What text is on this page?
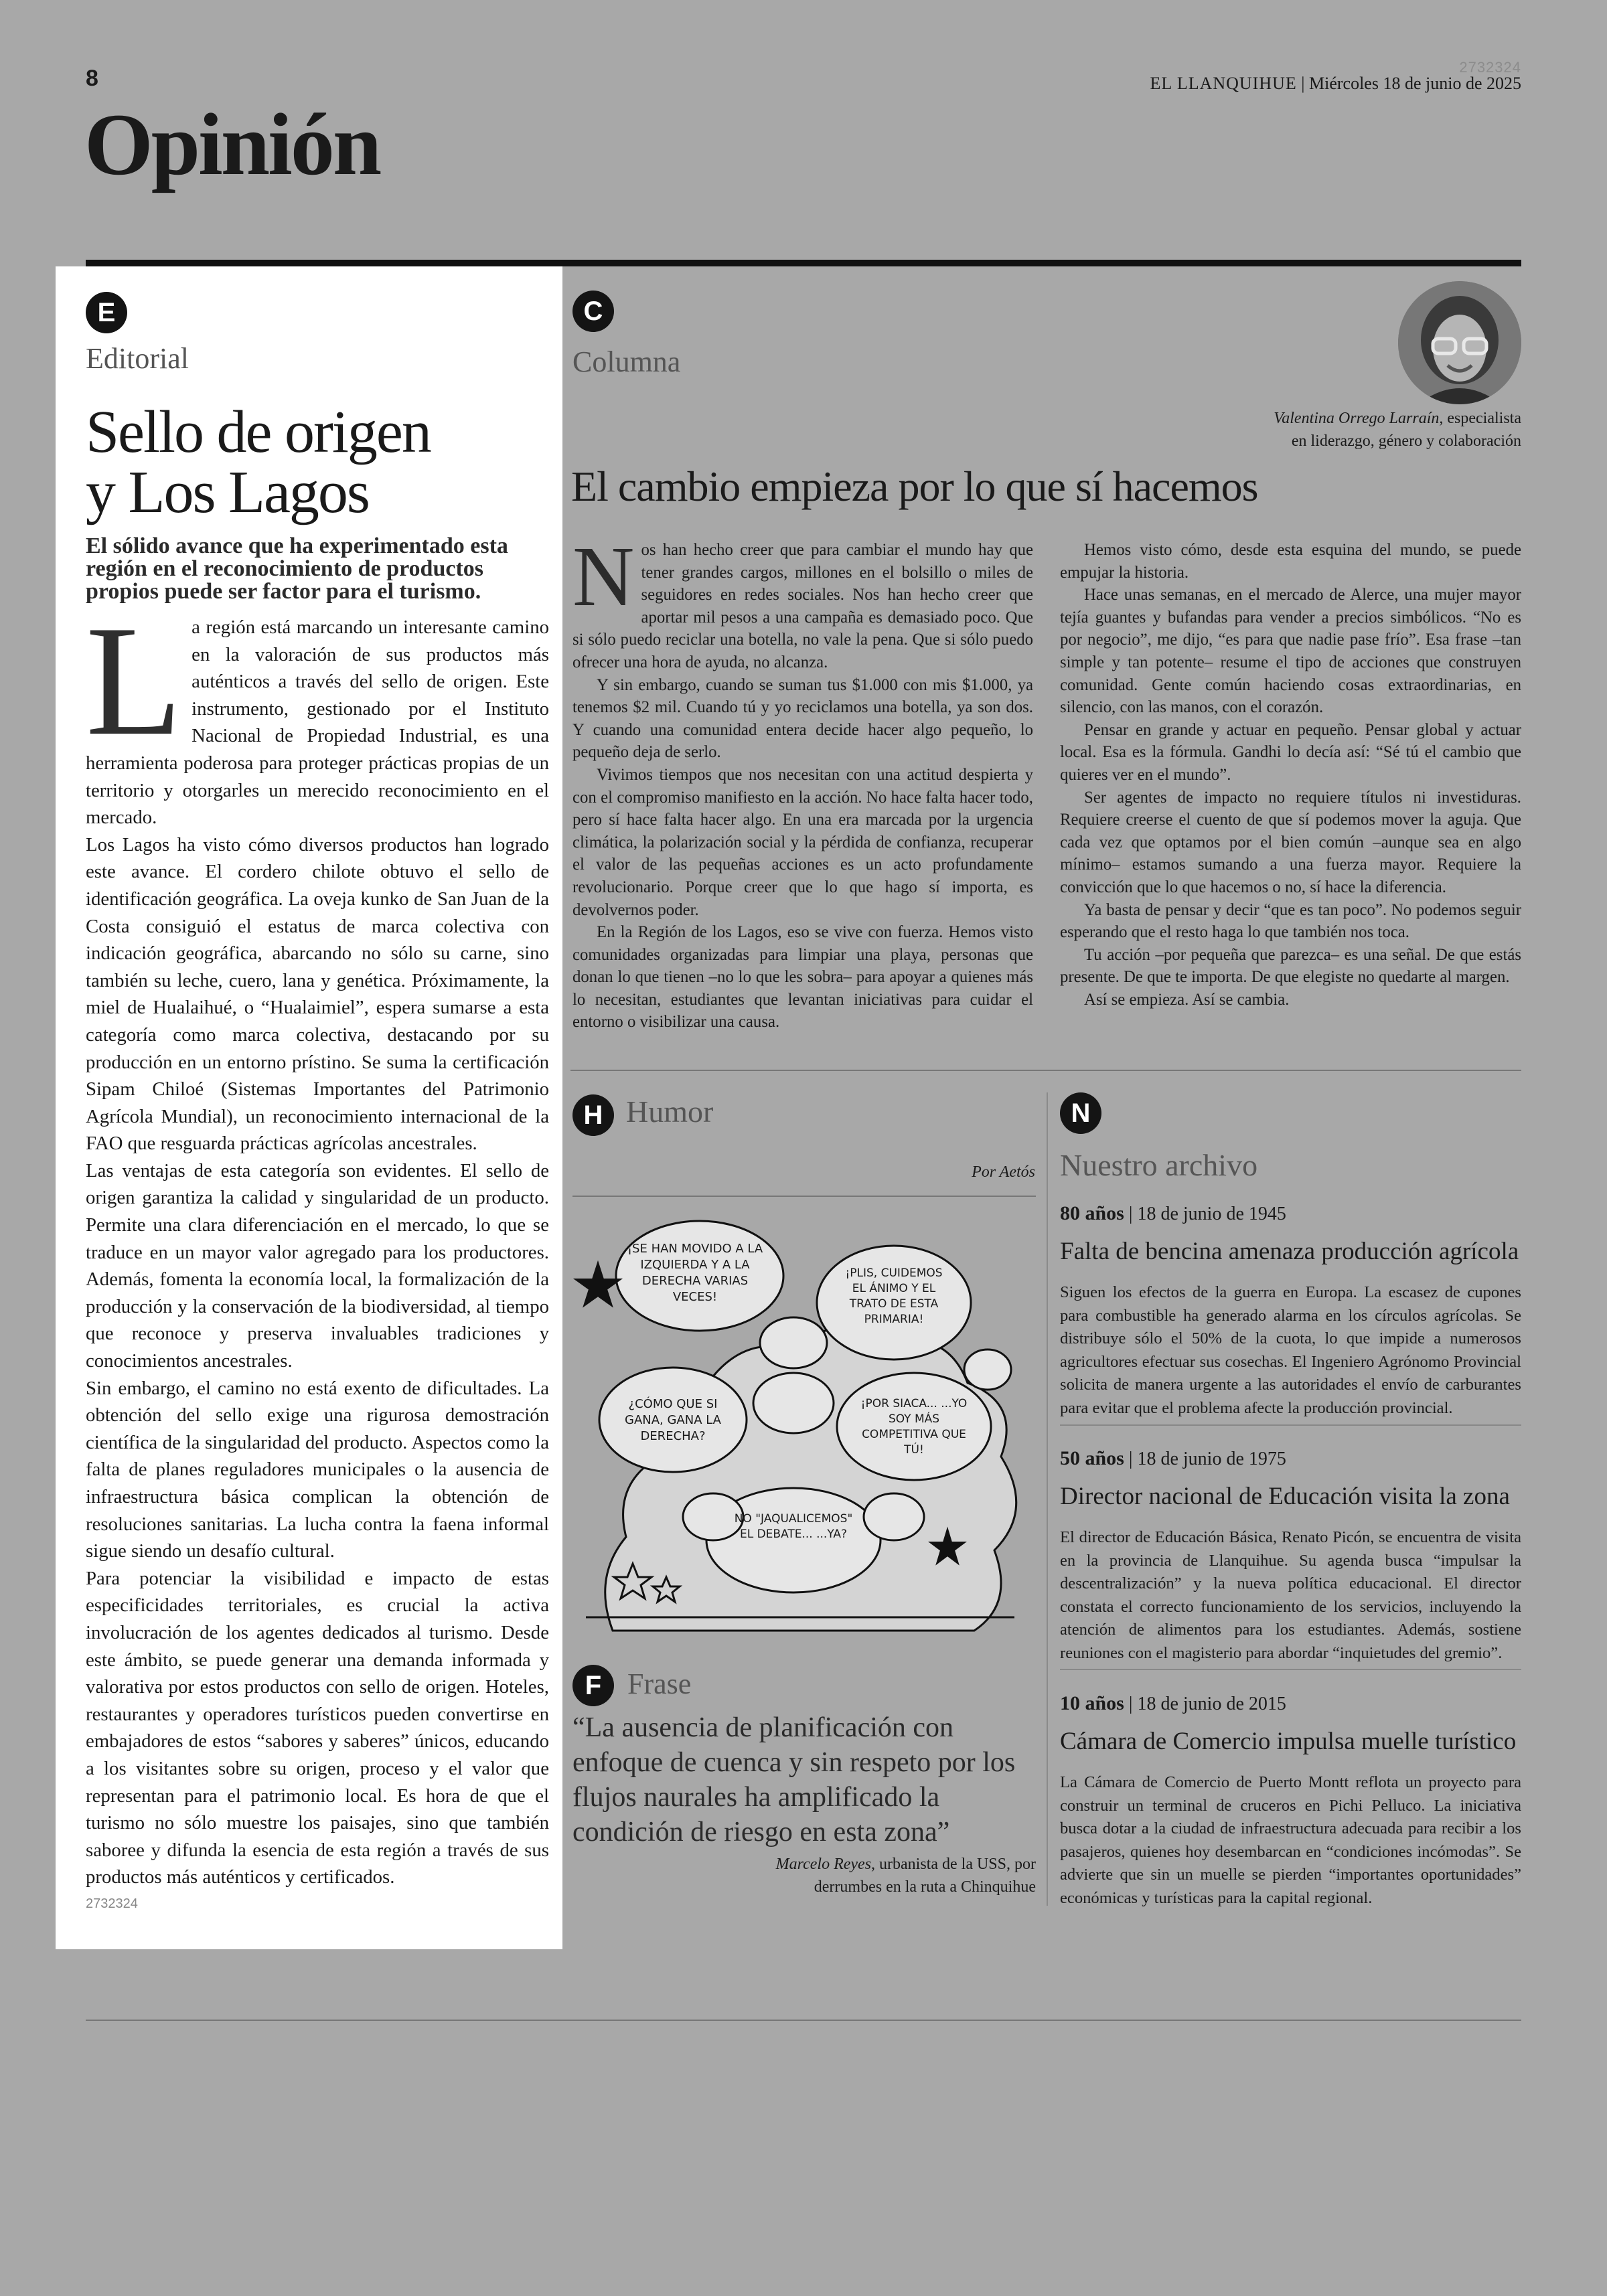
8	2732324
EL LLANQUIHUE | Miércoles 18 de junio de 2025
Opinión
E
Editorial
Sello de origen
y Los Lagos
El sólido avance que ha experimentado esta región en el reconocimiento de productos propios puede ser factor para el turismo.
L a región está marcando un interesante camino en la valoración de sus productos más auténticos a través del sello de origen. Este instrumento, gestionado por el Instituto Nacional de Propiedad Industrial, es una herramienta poderosa para proteger prácticas propias de un territorio y otorgarles un merecido reconocimiento en el mercado.

Los Lagos ha visto cómo diversos productos han logrado este avance. El cordero chilote obtuvo el sello de identificación geográfica. La oveja kunko de San Juan de la Costa consiguió el estatus de marca colectiva con indicación geográfica, abarcando no sólo su carne, sino también su leche, cuero, lana y genética. Próximamente, la miel de Hualaihué, o “Hualaimiel”, espera sumarse a esta categoría como marca colectiva, destacando por su producción en un entorno prístino. Se suma la certificación Sipam Chiloé (Sistemas Importantes del Patrimonio Agrícola Mundial), un reconocimiento internacional de la FAO que resguarda prácticas agrícolas ancestrales.

Las ventajas de esta categoría son evidentes. El sello de origen garantiza la calidad y singularidad de un producto. Permite una clara diferenciación en el mercado, lo que se traduce en un mayor valor agregado para los productores. Además, fomenta la economía local, la formalización de la producción y la conservación de la biodiversidad, al tiempo que reconoce y preserva invaluables tradiciones y conocimientos ancestrales.

Sin embargo, el camino no está exento de dificultades. La obtención del sello exige una rigurosa demostración científica de la singularidad del producto. Aspectos como la falta de planes reguladores municipales o la ausencia de infraestructura básica complican la obtención de resoluciones sanitarias. La lucha contra la faena informal sigue siendo un desafío cultural.

Para potenciar la visibilidad e impacto de estas especificidades territoriales, es crucial la activa involucración de los agentes dedicados al turismo. Desde este ámbito, se puede generar una demanda informada y valorativa por estos productos con sello de origen. Hoteles, restaurantes y operadores turísticos pueden convertirse en embajadores de estos “sabores y saberes” únicos, educando a los visitantes sobre su origen, proceso y el valor que representan para el patrimonio local. Es hora de que el turismo no sólo muestre los paisajes, sino que también saboree y difunda la esencia de esta región a través de sus productos más auténticos y certificados.

2732324
C
Columna
Valentina Orrego Larraín, especialista
en liderazgo, género y colaboración
El cambio empieza por lo que sí hacemos
N os han hecho creer que para cambiar el mundo hay que tener grandes cargos, millones en el bolsillo o miles de seguidores en redes sociales. Nos han hecho creer que aportar mil pesos a una campaña es demasiado poco. Que si sólo puedo reciclar una botella, no vale la pena. Que si sólo puedo ofrecer una hora de ayuda, no alcanza.

Y sin embargo, cuando se suman tus $1.000 con mis $1.000, ya tenemos $2 mil. Cuando tú y yo reciclamos una botella, ya son dos. Y cuando una comunidad entera decide hacer algo pequeño, lo pequeño deja de serlo.

Vivimos tiempos que nos necesitan con una actitud despierta y con el compromiso manifiesto en la acción. No hace falta hacer todo, pero sí hace falta hacer algo. En una era marcada por la urgencia climática, la polarización social y la pérdida de confianza, recuperar el valor de las pequeñas acciones es un acto profundamente revolucionario. Porque creer que lo que hago sí importa, es devolvernos poder.

En la Región de los Lagos, eso se vive con fuerza. Hemos visto comunidades organizadas para limpiar una playa, personas que donan lo que tienen –no lo que les sobra– para apoyar a quienes más lo necesitan, estudiantes que levantan iniciativas para cuidar el entorno o visibilizar una causa.

Hemos visto cómo, desde esta esquina del mundo, se puede empujar la historia.

Hace unas semanas, en el mercado de Alerce, una mujer mayor tejía guantes y bufandas para vender a precios simbólicos. “No es por negocio”, me dijo, “es para que nadie pase frío”. Esa frase –tan simple y tan potente– resume el tipo de acciones que construyen comunidad. Gente común haciendo cosas extraordinarias, en silencio, con las manos, con el corazón.

Pensar en grande y actuar en pequeño. Pensar global y actuar local. Esa es la fórmula. Gandhi lo decía así: “Sé tú el cambio que quieres ver en el mundo”.

Ser agentes de impacto no requiere títulos ni investiduras. Requiere creerse el cuento de que sí podemos mover la aguja. Que cada vez que optamos por el bien común –aunque sea en algo mínimo– estamos sumando a una fuerza mayor. Requiere la convicción que lo que hacemos o no, sí hace la diferencia.

Ya basta de pensar y decir “que es tan poco”. No podemos seguir esperando que el resto haga lo que también nos toca.

Tu acción –por pequeña que parezca– es una señal. De que estás presente. De que te importa. De que elegiste no quedarte al margen.

Así se empieza. Así se cambia.

H Humor
Por Aetós
¡SE HAN MOVIDO A LA IZQUIERDA Y A LA DERECHA VARIAS VECES!
¡PLIS, CUIDEMOS EL ÁNIMO Y EL TRATO DE ESTA PRIMARIA!
¿CÓMO QUE SI GANA, GANA LA DERECHA?
¡POR SIACA... ...YO SOY MÁS COMPETITIVA QUE TÚ!
NO "JAQUALICEMOS" EL DEBATE... ...YA?
F Frase
“La ausencia de planificación con enfoque de cuenca y sin respeto por los flujos naurales ha amplificado la condición de riesgo en esta zona”
Marcelo Reyes, urbanista de la USS, por
derrumbes en la ruta a Chinquihue
N
Nuestro archivo
80 años | 18 de junio de 1945
Falta de bencina amenaza producción agrícola
Siguen los efectos de la guerra en Europa. La escasez de cupones para combustible ha generado alarma en los círculos agrícolas. Se distribuye sólo el 50% de la cuota, lo que impide a numerosos agricultores efectuar sus cosechas. El Ingeniero Agrónomo Provincial solicita de manera urgente a las autoridades el envío de carburantes para evitar que el problema afecte la producción provincial.
50 años | 18 de junio de 1975
Director nacional de Educación visita la zona
El director de Educación Básica, Renato Picón, se encuentra de visita en la provincia de Llanquihue. Su agenda busca “impulsar la descentralización” y la nueva política educacional. El director constata el correcto funcionamiento de los servicios, incluyendo la atención de alimentos para los estudiantes. Además, sostiene reuniones con el magisterio para abordar “inquietudes del gremio”.
10 años | 18 de junio de 2015
Cámara de Comercio impulsa muelle turístico
La Cámara de Comercio de Puerto Montt reflota un proyecto para construir un terminal de cruceros en Pichi Pelluco. La iniciativa busca dotar a la ciudad de infraestructura adecuada para recibir a los pasajeros, quienes hoy desembarcan en “condiciones incómodas”. Se advierte que sin un muelle se pierden “importantes oportunidades” económicas y turísticas para la capital regional.
